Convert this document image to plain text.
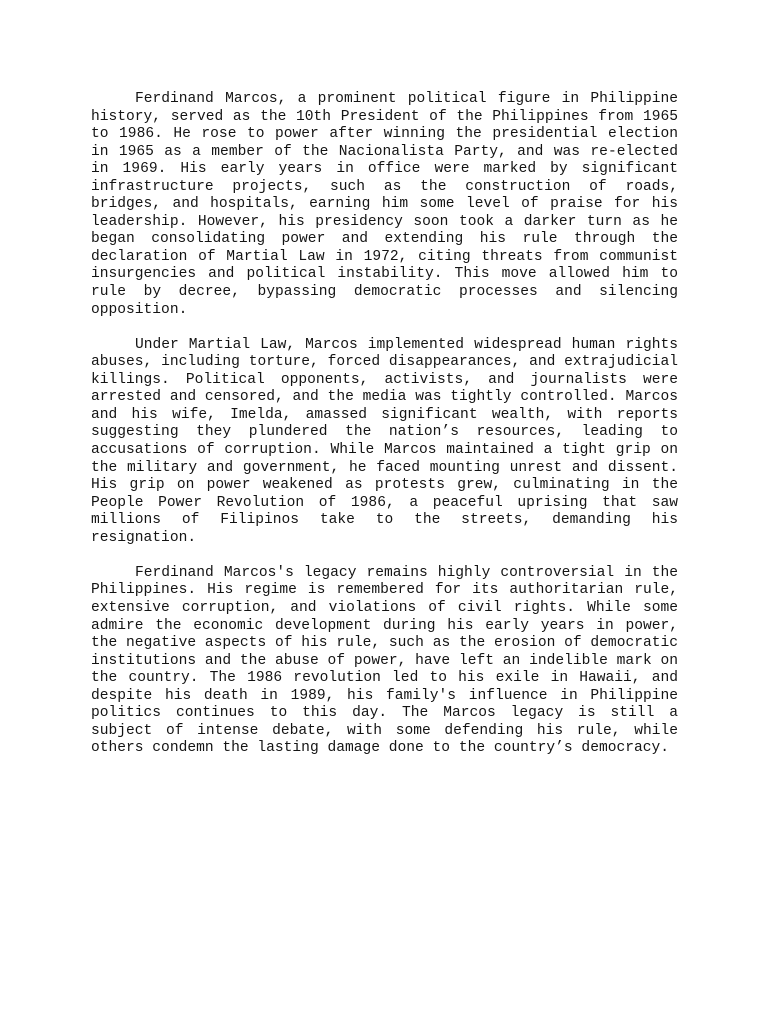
Ferdinand Marcos, a prominent political figure in Philippine history, served as the 10th President of the Philippines from 1965 to 1986. He rose to power after winning the presidential election in 1965 as a member of the Nacionalista Party, and was re-elected in 1969. His early years in office were marked by significant infrastructure projects, such as the construction of roads, bridges, and hospitals, earning him some level of praise for his leadership. However, his presidency soon took a darker turn as he began consolidating power and extending his rule through the declaration of Martial Law in 1972, citing threats from communist insurgencies and political instability. This move allowed him to rule by decree, bypassing democratic processes and silencing opposition.

Under Martial Law, Marcos implemented widespread human rights abuses, including torture, forced disappearances, and extrajudicial killings. Political opponents, activists, and journalists were arrested and censored, and the media was tightly controlled. Marcos and his wife, Imelda, amassed significant wealth, with reports suggesting they plundered the nation’s resources, leading to accusations of corruption. While Marcos maintained a tight grip on the military and government, he faced mounting unrest and dissent. His grip on power weakened as protests grew, culminating in the People Power Revolution of 1986, a peaceful uprising that saw millions of Filipinos take to the streets, demanding his resignation.

Ferdinand Marcos's legacy remains highly controversial in the Philippines. His regime is remembered for its authoritarian rule, extensive corruption, and violations of civil rights. While some admire the economic development during his early years in power, the negative aspects of his rule, such as the erosion of democratic institutions and the abuse of power, have left an indelible mark on the country. The 1986 revolution led to his exile in Hawaii, and despite his death in 1989, his family's influence in Philippine politics continues to this day. The Marcos legacy is still a subject of intense debate, with some defending his rule, while others condemn the lasting damage done to the country’s democracy.
